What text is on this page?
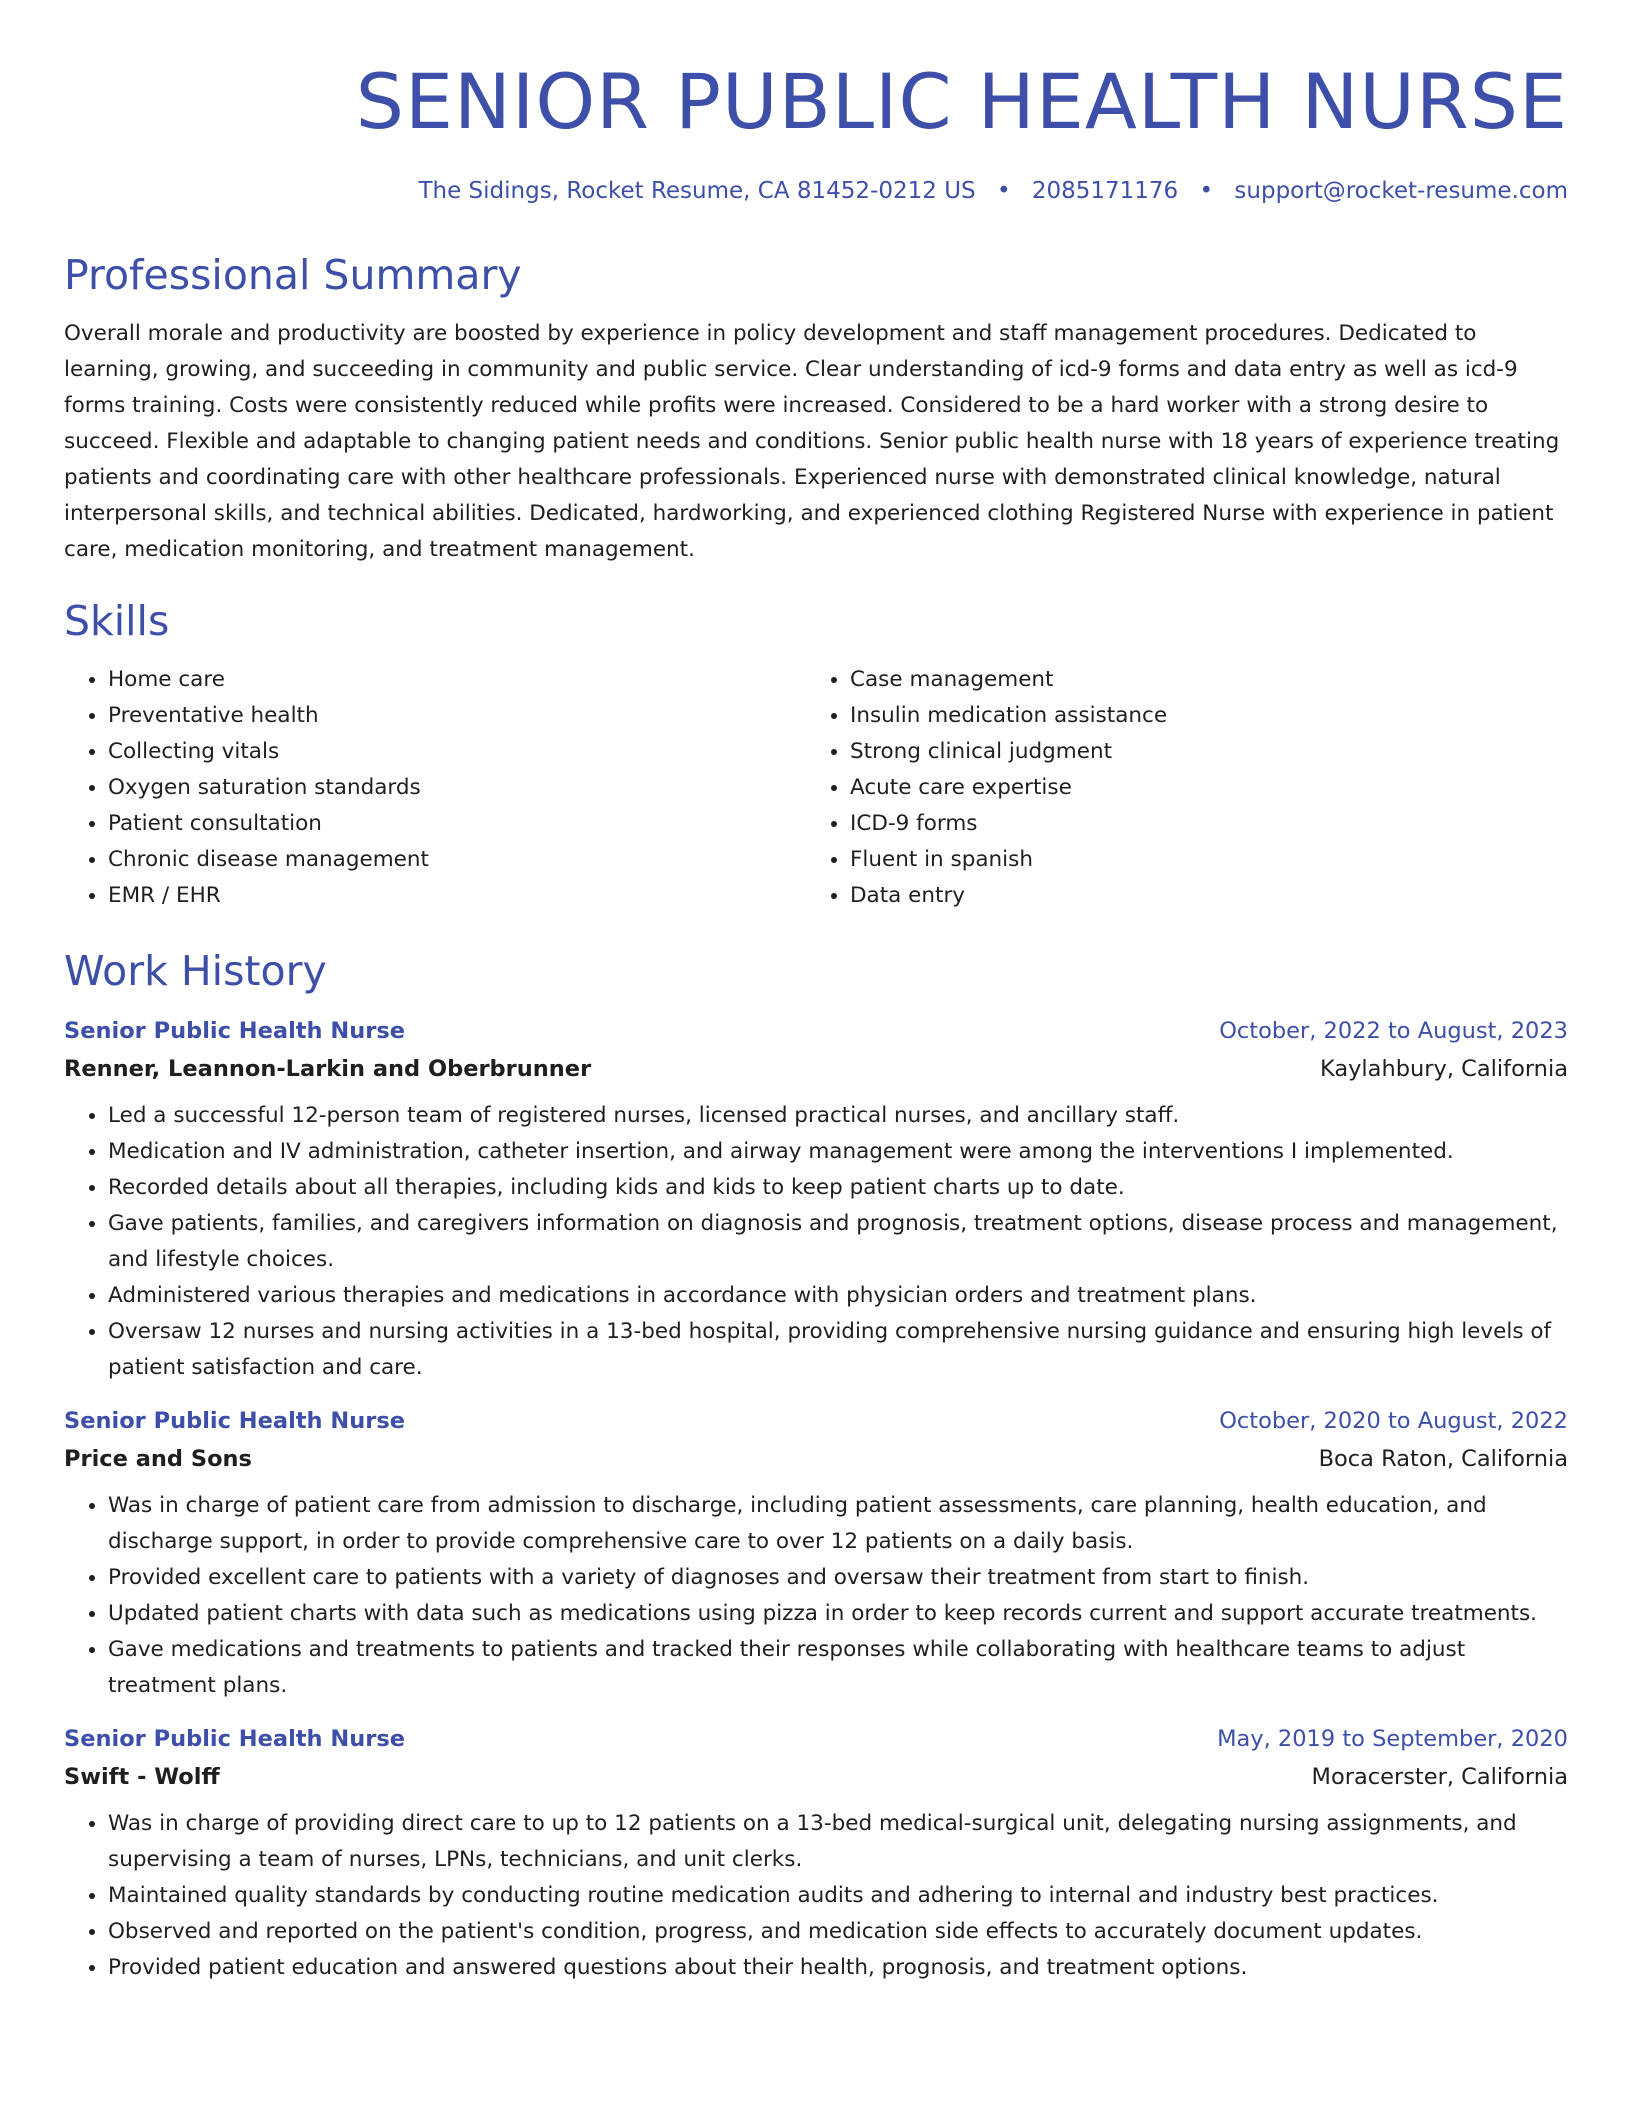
SENIOR PUBLIC HEALTH NURSE
The Sidings, Rocket Resume, CA 81452-0212 US • 2085171176 • support@rocket-resume.com
Professional Summary
Overall morale and productivity are boosted by experience in policy development and staff management procedures. Dedicated to learning, growing, and succeeding in community and public service. Clear understanding of icd-9 forms and data entry as well as icd-9 forms training. Costs were consistently reduced while profits were increased. Considered to be a hard worker with a strong desire to succeed. Flexible and adaptable to changing patient needs and conditions. Senior public health nurse with 18 years of experience treating patients and coordinating care with other healthcare professionals. Experienced nurse with demonstrated clinical knowledge, natural interpersonal skills, and technical abilities. Dedicated, hardworking, and experienced clothing Registered Nurse with experience in patient care, medication monitoring, and treatment management.
Skills
• Home care
• Preventative health
• Collecting vitals
• Oxygen saturation standards
• Patient consultation
• Chronic disease management
• EMR / EHR
• Case management
• Insulin medication assistance
• Strong clinical judgment
• Acute care expertise
• ICD-9 forms
• Fluent in spanish
• Data entry
Work History
Senior Public Health Nurse	October, 2022 to August, 2023
Renner, Leannon-Larkin and Oberbrunner	Kaylahbury, California
• Led a successful 12-person team of registered nurses, licensed practical nurses, and ancillary staff.
• Medication and IV administration, catheter insertion, and airway management were among the interventions I implemented.
• Recorded details about all therapies, including kids and kids to keep patient charts up to date.
• Gave patients, families, and caregivers information on diagnosis and prognosis, treatment options, disease process and management, and lifestyle choices.
• Administered various therapies and medications in accordance with physician orders and treatment plans.
• Oversaw 12 nurses and nursing activities in a 13-bed hospital, providing comprehensive nursing guidance and ensuring high levels of patient satisfaction and care.
Senior Public Health Nurse	October, 2020 to August, 2022
Price and Sons	Boca Raton, California
• Was in charge of patient care from admission to discharge, including patient assessments, care planning, health education, and discharge support, in order to provide comprehensive care to over 12 patients on a daily basis.
• Provided excellent care to patients with a variety of diagnoses and oversaw their treatment from start to finish.
• Updated patient charts with data such as medications using pizza in order to keep records current and support accurate treatments.
• Gave medications and treatments to patients and tracked their responses while collaborating with healthcare teams to adjust treatment plans.
Senior Public Health Nurse	May, 2019 to September, 2020
Swift - Wolff	Moracerster, California
• Was in charge of providing direct care to up to 12 patients on a 13-bed medical-surgical unit, delegating nursing assignments, and supervising a team of nurses, LPNs, technicians, and unit clerks.
• Maintained quality standards by conducting routine medication audits and adhering to internal and industry best practices.
• Observed and reported on the patient's condition, progress, and medication side effects to accurately document updates.
• Provided patient education and answered questions about their health, prognosis, and treatment options.
